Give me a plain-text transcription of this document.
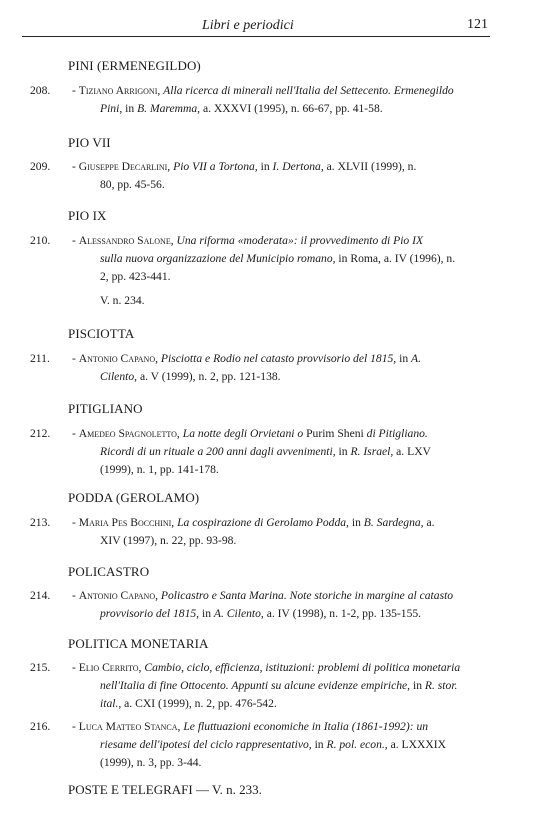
Libri e periodici	121
PINI (ERMENEGILDO)
208. - Tiziano Arrigoni, Alla ricerca di minerali nell'Italia del Settecento. Ermenegildo
Pini, in B. Maremma, a. XXXVI (1995), n. 66-67, pp. 41-58.
PIO VII
209. - Giuseppe Decarlini, Pio VII a Tortona, in I. Dertona, a. XLVII (1999), n.
80, pp. 45-56.
PIO IX
210. - Alessandro Salone, Una riforma «moderata»: il provvedimento di Pio IX
sulla nuova organizzazione del Municipio romano, in Roma, a. IV (1996), n.
2, pp. 423-441.
V. n. 234.
PISCIOTTA
211. - Antonio Capano, Pisciotta e Rodio nel catasto provvisorio del 1815, in A.
Cilento, a. V (1999), n. 2, pp. 121-138.
PITIGLIANO
212. - Amedeo Spagnoletto, La notte degli Orvietani o Purim Sheni di Pitigliano.
Ricordi di un rituale a 200 anni dagli avvenimenti, in R. Israel, a. LXV
(1999), n. 1, pp. 141-178.
PODDA (GEROLAMO)
213. - Maria Pes Bocchini, La cospirazione di Gerolamo Podda, in B. Sardegna, a.
XIV (1997), n. 22, pp. 93-98.
POLICASTRO
214. - Antonio Capano, Policastro e Santa Marina. Note storiche in margine al catasto
provvisorio del 1815, in A. Cilento, a. IV (1998), n. 1-2, pp. 135-155.
POLITICA MONETARIA
215. - Elio Cerrito, Cambio, ciclo, efficienza, istituzioni: problemi di politica monetaria
nell'Italia di fine Ottocento. Appunti su alcune evidenze empiriche, in R. stor.
ital., a. CXI (1999), n. 2, pp. 476-542.
216. - Luca Matteo Stanca, Le fluttuazioni economiche in Italia (1861-1992): un
riesame dell'ipotesi del ciclo rappresentativo, in R. pol. econ., a. LXXXIX
(1999), n. 3, pp. 3-44.
POSTE E TELEGRAFI — V. n. 233.
